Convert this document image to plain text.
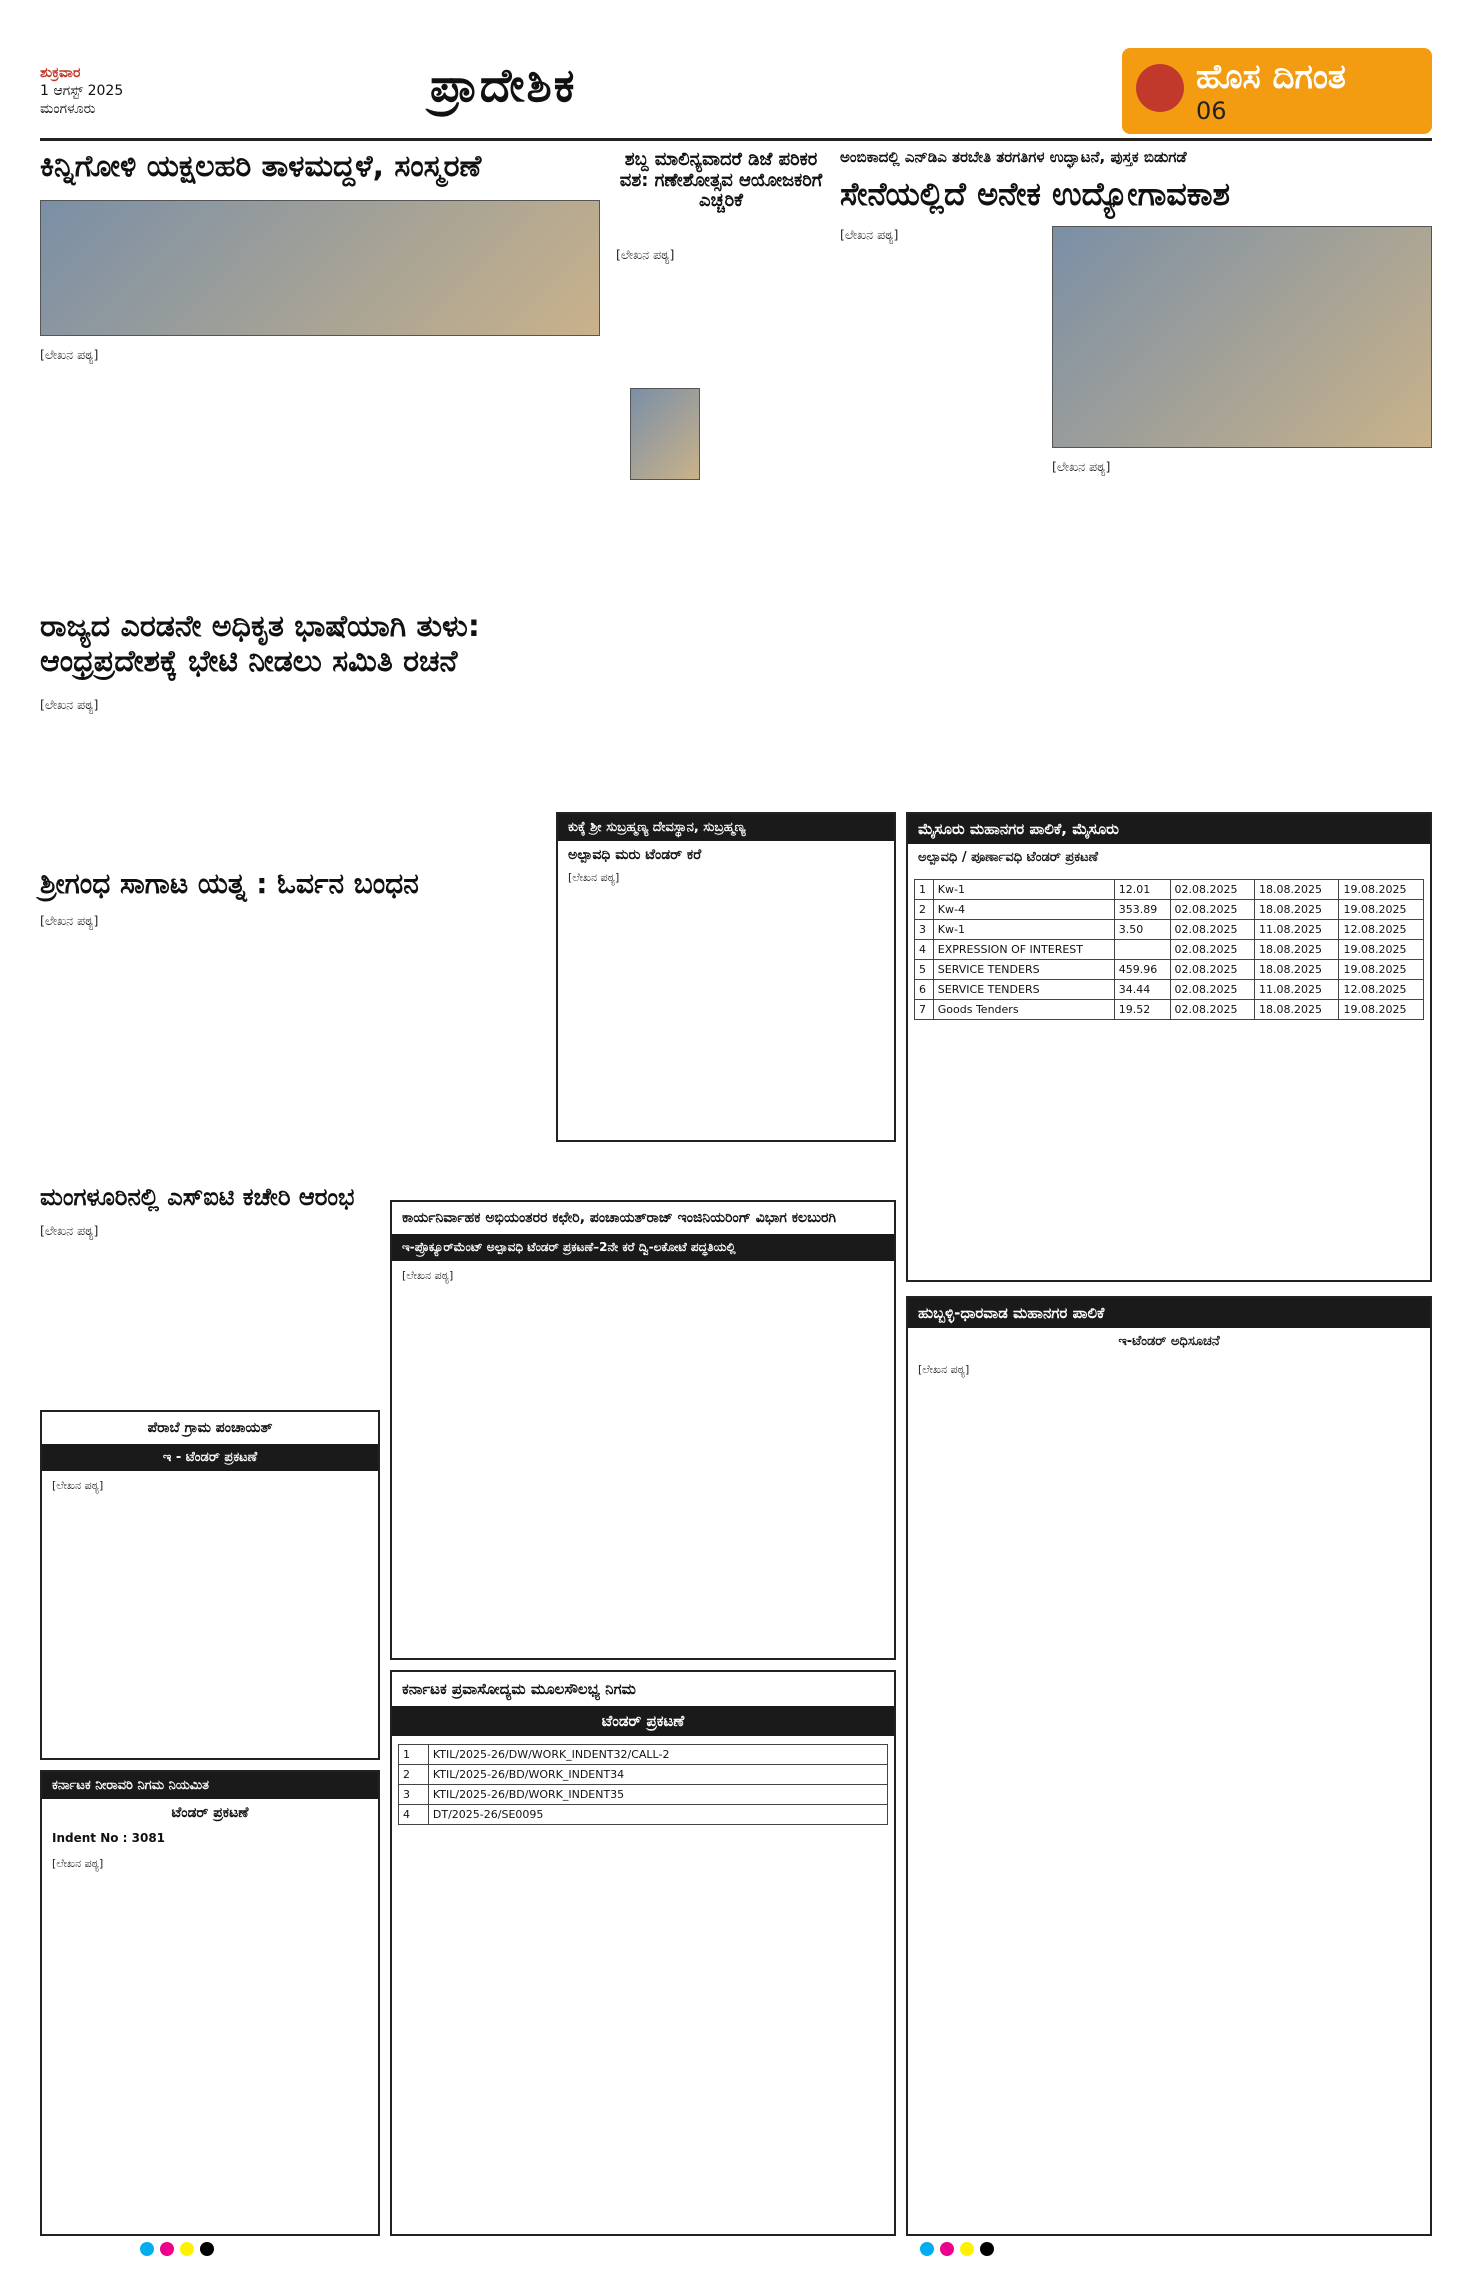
ಶುಕ್ರವಾರ
1 ಆಗಸ್ಟ್ 2025
ಮಂಗಳೂರು	ಪ್ರಾದೇಶಿಕ	ಹೊಸ ದಿಗಂತ
06
ಕಿನ್ನಿಗೋಳಿ ಯಕ್ಷಲಹರಿ ತಾಳಮದ್ದಳೆ, ಸಂಸ್ಮರಣೆ
[ಲೇಖನ ಪಠ್ಯ]
ಶಬ್ದ ಮಾಲಿನ್ಯವಾದರೆ ಡಿಜೆ ಪರಿಕರ ವಶ: ಗಣೇಶೋತ್ಸವ ಆಯೋಜಕರಿಗೆ ಎಚ್ಚರಿಕೆ
[ಲೇಖನ ಪಠ್ಯ]
ಅಂಬಿಕಾದಲ್ಲಿ ಎನ್‌ಡಿಎ ತರಬೇತಿ ತರಗತಿಗಳ ಉದ್ಘಾಟನೆ, ಪುಸ್ತಕ ಬಿಡುಗಡೆ
ಸೇನೆಯಲ್ಲಿದೆ ಅನೇಕ ಉದ್ಯೋಗಾವಕಾಶ
[ಲೇಖನ ಪಠ್ಯ]
[ಲೇಖನ ಪಠ್ಯ]
ರಾಜ್ಯದ ಎರಡನೇ ಅಧಿಕೃತ ಭಾಷೆಯಾಗಿ ತುಳು: ಆಂಧ್ರಪ್ರದೇಶಕ್ಕೆ ಭೇಟಿ ನೀಡಲು ಸಮಿತಿ ರಚನೆ
[ಲೇಖನ ಪಠ್ಯ]
ಶ್ರೀಗಂಧ ಸಾಗಾಟ ಯತ್ನ : ಓರ್ವನ ಬಂಧನ
[ಲೇಖನ ಪಠ್ಯ]
ಕುಕ್ಕೆ ಶ್ರೀ ಸುಬ್ರಹ್ಮಣ್ಯ ದೇವಸ್ಥಾನ, ಸುಬ್ರಹ್ಮಣ್ಯ
ಅಲ್ಪಾವಧಿ ಮರು ಟೆಂಡರ್ ಕರೆ
[ಲೇಖನ ಪಠ್ಯ]
ಮೈಸೂರು ಮಹಾನಗರ ಪಾಲಿಕೆ, ಮೈಸೂರು
ಅಲ್ಪಾವಧಿ / ಪೂರ್ಣಾವಧಿ ಟೆಂಡರ್ ಪ್ರಕಟಣೆ
1	Kw-1	12.01	02.08.2025	18.08.2025	19.08.2025
2	Kw-4	353.89	02.08.2025	18.08.2025	19.08.2025
3	Kw-1	3.50	02.08.2025	11.08.2025	12.08.2025
4	EXPRESSION OF INTEREST		02.08.2025	18.08.2025	19.08.2025
5	SERVICE TENDERS	459.96	02.08.2025	18.08.2025	19.08.2025
6	SERVICE TENDERS	34.44	02.08.2025	11.08.2025	12.08.2025
7	Goods Tenders	19.52	02.08.2025	18.08.2025	19.08.2025
ಮಂಗಳೂರಿನಲ್ಲಿ ಎಸ್‌ಐಟಿ ಕಚೇರಿ ಆರಂಭ
[ಲೇಖನ ಪಠ್ಯ]
ಕಾರ್ಯನಿರ್ವಾಹಕ ಅಭಿಯಂತರರ ಕಛೇರಿ, ಪಂಚಾಯತ್‌ರಾಜ್ ಇಂಜಿನಿಯರಿಂಗ್ ವಿಭಾಗ ಕಲಬುರಗಿ
ಇ-ಪ್ರೊಕ್ಯೂರ್‌ಮೆಂಟ್ ಅಲ್ಪಾವಧಿ ಟೆಂಡರ್ ಪ್ರಕಟಣೆ–2ನೇ ಕರೆ ದ್ವಿ-ಲಕೋಟೆ ಪದ್ಧತಿಯಲ್ಲಿ
[ಲೇಖನ ಪಠ್ಯ]
ಹುಬ್ಬಳ್ಳಿ-ಧಾರವಾಡ ಮಹಾನಗರ ಪಾಲಿಕೆ
ಇ-ಟೆಂಡರ್ ಅಧಿಸೂಚನೆ
[ಲೇಖನ ಪಠ್ಯ]
ಪೆರಾಬೆ ಗ್ರಾಮ ಪಂಚಾಯತ್
ಇ - ಟೆಂಡರ್ ಪ್ರಕಟಣೆ
[ಲೇಖನ ಪಠ್ಯ]
ಕರ್ನಾಟಕ ನೀರಾವರಿ ನಿಗಮ ನಿಯಮಿತ
ಟೆಂಡರ್ ಪ್ರಕಟಣೆ
Indent No : 3081
[ಲೇಖನ ಪಠ್ಯ]
ಕರ್ನಾಟಕ ಪ್ರವಾಸೋದ್ಯಮ ಮೂಲಸೌಲಭ್ಯ ನಿಗಮ
ಟೆಂಡರ್ ಪ್ರಕಟಣೆ
1	KTIL/2025-26/DW/WORK_INDENT32/CALL-2
2	KTIL/2025-26/BD/WORK_INDENT34
3	KTIL/2025-26/BD/WORK_INDENT35
4	DT/2025-26/SE0095
